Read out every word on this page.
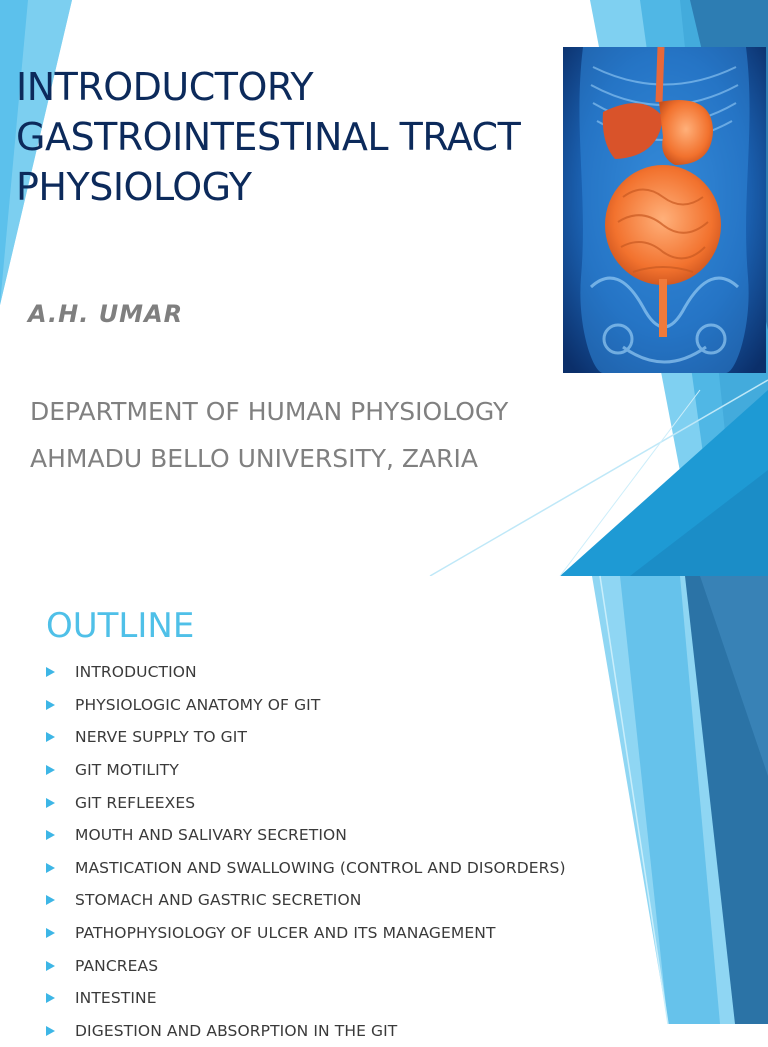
INTRODUCTORY
GASTROINTESTINAL TRACT
PHYSIOLOGY
A.H. UMAR
DEPARTMENT OF HUMAN PHYSIOLOGY
AHMADU BELLO UNIVERSITY, ZARIA
OUTLINE
INTRODUCTION
PHYSIOLOGIC ANATOMY OF GIT
NERVE SUPPLY TO GIT
GIT MOTILITY
GIT REFLEEXES
MOUTH AND SALIVARY SECRETION
MASTICATION AND SWALLOWING (CONTROL AND DISORDERS)
STOMACH AND GASTRIC SECRETION
PATHOPHYSIOLOGY OF ULCER AND ITS MANAGEMENT
PANCREAS
INTESTINE
DIGESTION AND ABSORPTION IN THE GIT
